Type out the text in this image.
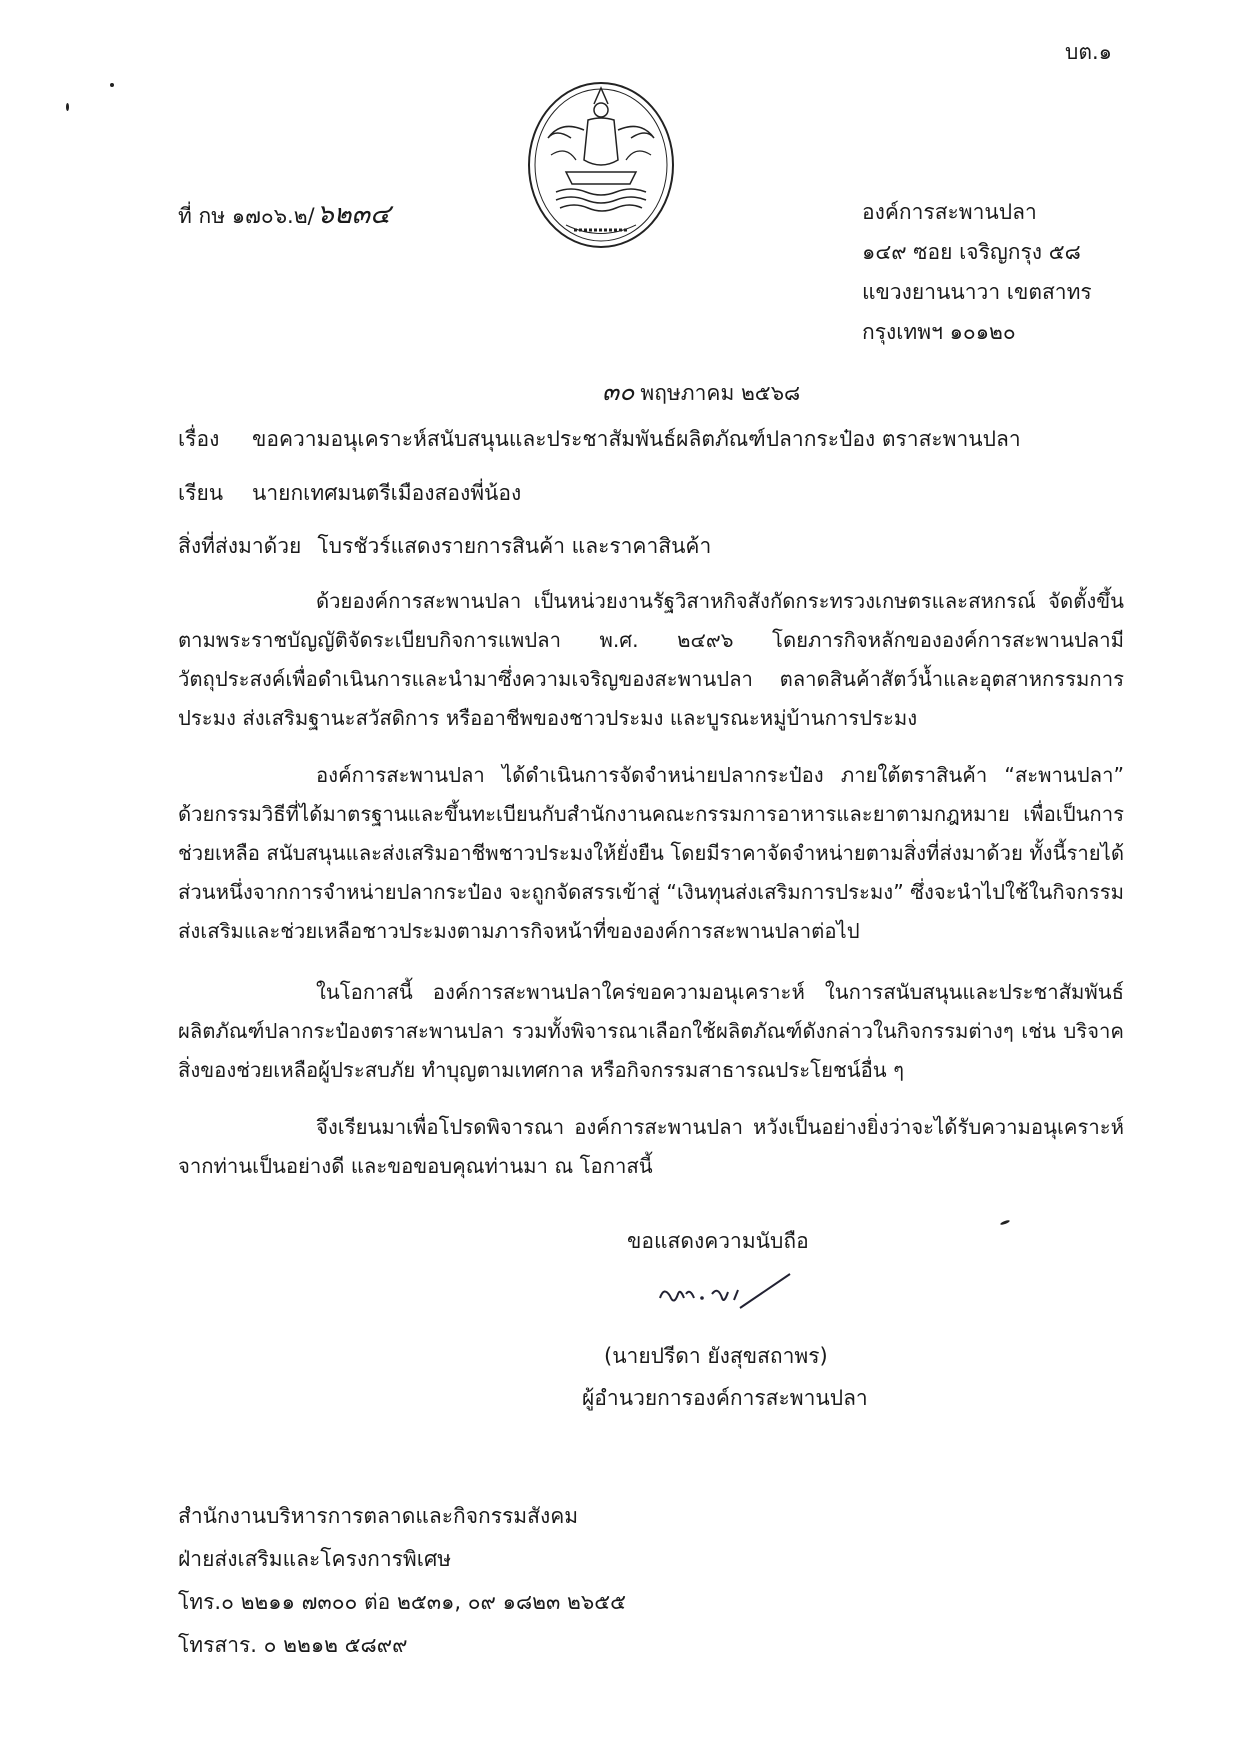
บต.๑
ที่ กษ ๑๗๐๖.๒/๖๒๓๔	องค์การสะพานปลา
๑๔๙ ซอย เจริญกรุง ๕๘
แขวงยานนาวา เขตสาทร
กรุงเทพฯ ๑๐๑๒๐
๓๐ พฤษภาคม ๒๕๖๘
เรื่อง ขอความอนุเคราะห์สนับสนุนและประชาสัมพันธ์ผลิตภัณฑ์ปลากระป๋อง ตราสะพานปลา
เรียน นายกเทศมนตรีเมืองสองพี่น้อง
สิ่งที่ส่งมาด้วย โบรชัวร์แสดงรายการสินค้า และราคาสินค้า

ด้วยองค์การสะพานปลา เป็นหน่วยงานรัฐวิสาหกิจสังกัดกระทรวงเกษตรและสหกรณ์ จัดตั้งขึ้นตามพระราชบัญญัติจัดระเบียบกิจการแพปลา พ.ศ. ๒๔๙๖ โดยภารกิจหลักขององค์การสะพานปลามีวัตถุประสงค์เพื่อดำเนินการและนำมาซึ่งความเจริญของสะพานปลา ตลาดสินค้าสัตว์น้ำและอุตสาหกรรมการประมง ส่งเสริมฐานะสวัสดิการ หรืออาชีพของชาวประมง และบูรณะหมู่บ้านการประมง

องค์การสะพานปลา ได้ดำเนินการจัดจำหน่ายปลากระป๋อง ภายใต้ตราสินค้า “สะพานปลา” ด้วยกรรมวิธีที่ได้มาตรฐานและขึ้นทะเบียนกับสำนักงานคณะกรรมการอาหารและยาตามกฎหมาย เพื่อเป็นการช่วยเหลือ สนับสนุนและส่งเสริมอาชีพชาวประมงให้ยั่งยืน โดยมีราคาจัดจำหน่ายตามสิ่งที่ส่งมาด้วย ทั้งนี้รายได้ส่วนหนึ่งจากการจำหน่ายปลากระป๋อง จะถูกจัดสรรเข้าสู่ “เงินทุนส่งเสริมการประมง” ซึ่งจะนำไปใช้ในกิจกรรมส่งเสริมและช่วยเหลือชาวประมงตามภารกิจหน้าที่ขององค์การสะพานปลาต่อไป

ในโอกาสนี้ องค์การสะพานปลาใคร่ขอความอนุเคราะห์ ในการสนับสนุนและประชาสัมพันธ์ผลิตภัณฑ์ปลากระป๋องตราสะพานปลา รวมทั้งพิจารณาเลือกใช้ผลิตภัณฑ์ดังกล่าวในกิจกรรมต่างๆ เช่น บริจาคสิ่งของช่วยเหลือผู้ประสบภัย ทำบุญตามเทศกาล หรือกิจกรรมสาธารณประโยชน์อื่น ๆ

จึงเรียนมาเพื่อโปรดพิจารณา องค์การสะพานปลา หวังเป็นอย่างยิ่งว่าจะได้รับความอนุเคราะห์จากท่านเป็นอย่างดี และขอขอบคุณท่านมา ณ โอกาสนี้

ขอแสดงความนับถือ
(นายปรีดา ยังสุขสถาพร)
ผู้อำนวยการองค์การสะพานปลา
สำนักงานบริหารการตลาดและกิจกรรมสังคม
ฝ่ายส่งเสริมและโครงการพิเศษ
โทร.๐ ๒๒๑๑ ๗๓๐๐ ต่อ ๒๕๓๑, ๐๙ ๑๘๒๓ ๒๖๕๕
โทรสาร. ๐ ๒๒๑๒ ๕๘๙๙
